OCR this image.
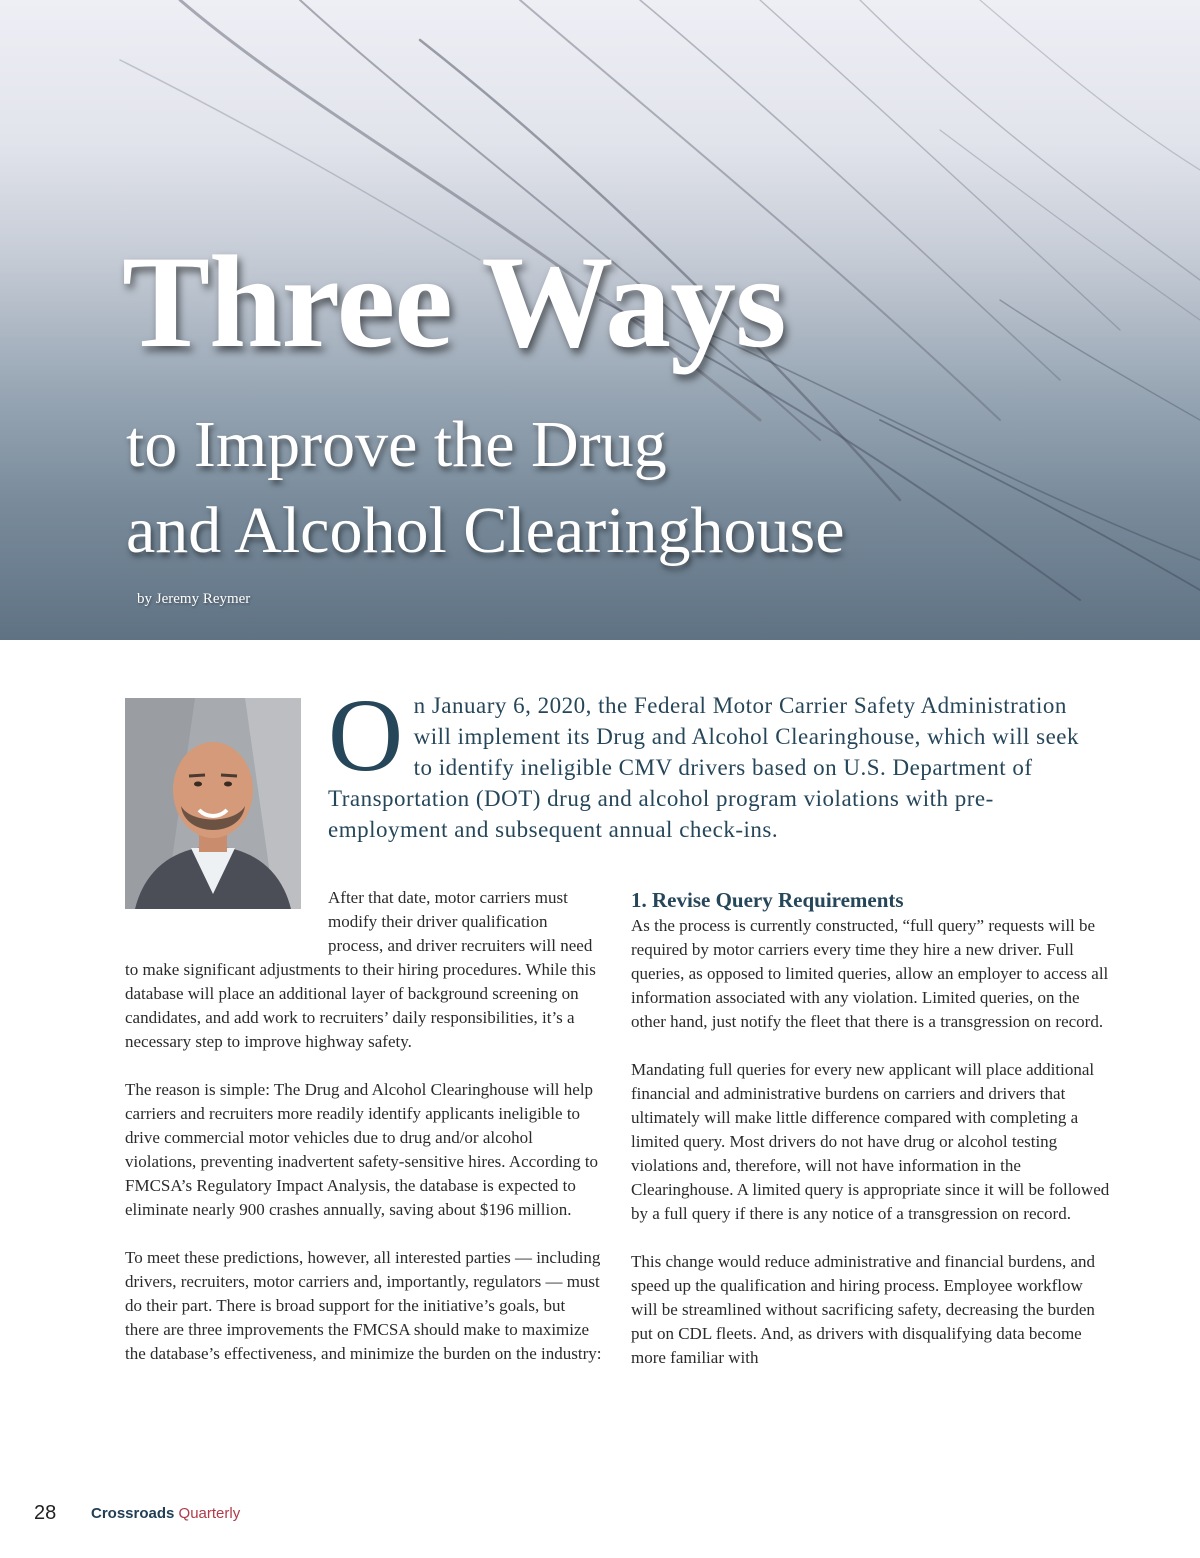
Three Ways
to Improve the Drug
and Alcohol Clearinghouse
by Jeremy Reymer

On January 6, 2020, the Federal Motor Carrier Safety Administration will implement its Drug and Alcohol Clearinghouse, which will seek to identify ineligible CMV drivers based on U.S. Department of Transportation (DOT) drug and alcohol program violations with pre-employment and subsequent annual check-ins.

After that date, motor carriers must modify their driver qualification process, and driver recruiters will need

to make significant adjustments to their hiring procedures. While this database will place an additional layer of background screening on candidates, and add work to recruiters’ daily responsibilities, it’s a necessary step to improve highway safety.

The reason is simple: The Drug and Alcohol Clearinghouse will help carriers and recruiters more readily identify applicants ineligible to drive commercial motor vehicles due to drug and/or alcohol violations, preventing inadvertent safety-sensitive hires. According to FMCSA’s Regulatory Impact Analysis, the database is expected to eliminate nearly 900 crashes annually, saving about $196 million.

To meet these predictions, however, all interested parties — including drivers, recruiters, motor carriers and, importantly, regulators — must do their part. There is broad support for the initiative’s goals, but there are three improvements the FMCSA should make to maximize the database’s effectiveness, and minimize the burden on the industry:

1. Revise Query Requirements

As the process is currently constructed, “full query” requests will be required by motor carriers every time they hire a new driver. Full queries, as opposed to limited queries, allow an employer to access all information associated with any violation. Limited queries, on the other hand, just notify the fleet that there is a transgression on record.

Mandating full queries for every new applicant will place additional financial and administrative burdens on carriers and drivers that ultimately will make little difference compared with completing a limited query. Most drivers do not have drug or alcohol testing violations and, therefore, will not have information in the Clearinghouse. A limited query is appropriate since it will be followed by a full query if there is any notice of a transgression on record.

This change would reduce administrative and financial burdens, and speed up the qualification and hiring process. Employee workflow will be streamlined without sacrificing safety, decreasing the burden put on CDL fleets. And, as drivers with disqualifying data become more familiar with

28 Crossroads Quarterly
